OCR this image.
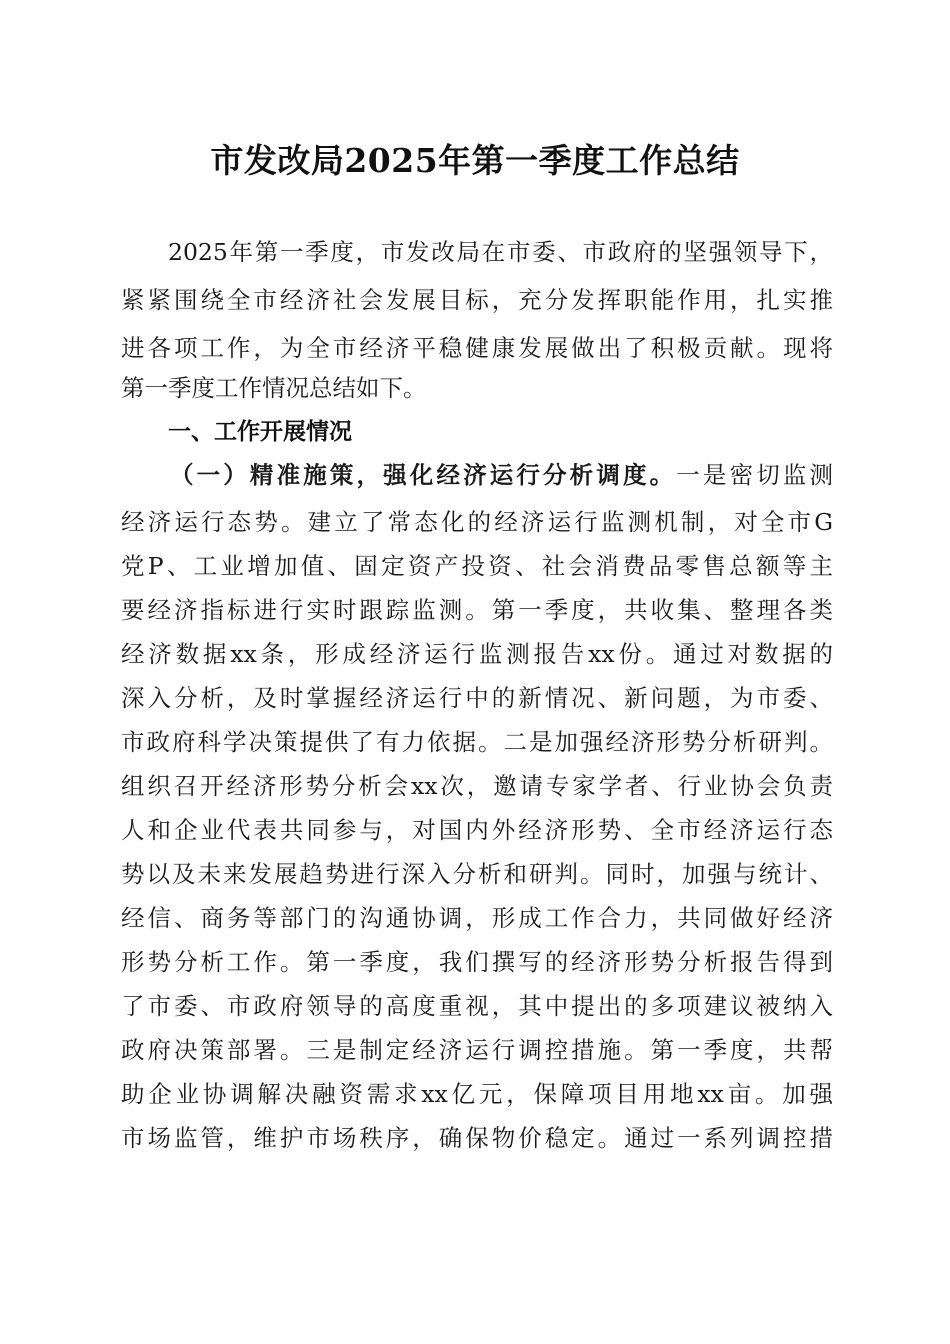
市发改局2025年第一季度工作总结
2025年第一季度，市发改局在市委、市政府的坚强领导下，
紧紧围绕全市经济社会发展目标，充分发挥职能作用，扎实推
进各项工作，为全市经济平稳健康发展做出了积极贡献。现将
第一季度工作情况总结如下。
一、工作开展情况
（一）精准施策，强化经济运行分析调度。一是密切监测
经济运行态势。建立了常态化的经济运行监测机制，对全市G
党P、工业增加值、固定资产投资、社会消费品零售总额等主
要经济指标进行实时跟踪监测。第一季度，共收集、整理各类
经济数据xx条，形成经济运行监测报告xx份。通过对数据的
深入分析，及时掌握经济运行中的新情况、新问题，为市委、
市政府科学决策提供了有力依据。二是加强经济形势分析研判。
组织召开经济形势分析会xx次，邀请专家学者、行业协会负责
人和企业代表共同参与，对国内外经济形势、全市经济运行态
势以及未来发展趋势进行深入分析和研判。同时，加强与统计、
经信、商务等部门的沟通协调，形成工作合力，共同做好经济
形势分析工作。第一季度，我们撰写的经济形势分析报告得到
了市委、市政府领导的高度重视，其中提出的多项建议被纳入
政府决策部署。三是制定经济运行调控措施。第一季度，共帮
助企业协调解决融资需求xx亿元，保障项目用地xx亩。加强
市场监管，维护市场秩序，确保物价稳定。通过一系列调控措
